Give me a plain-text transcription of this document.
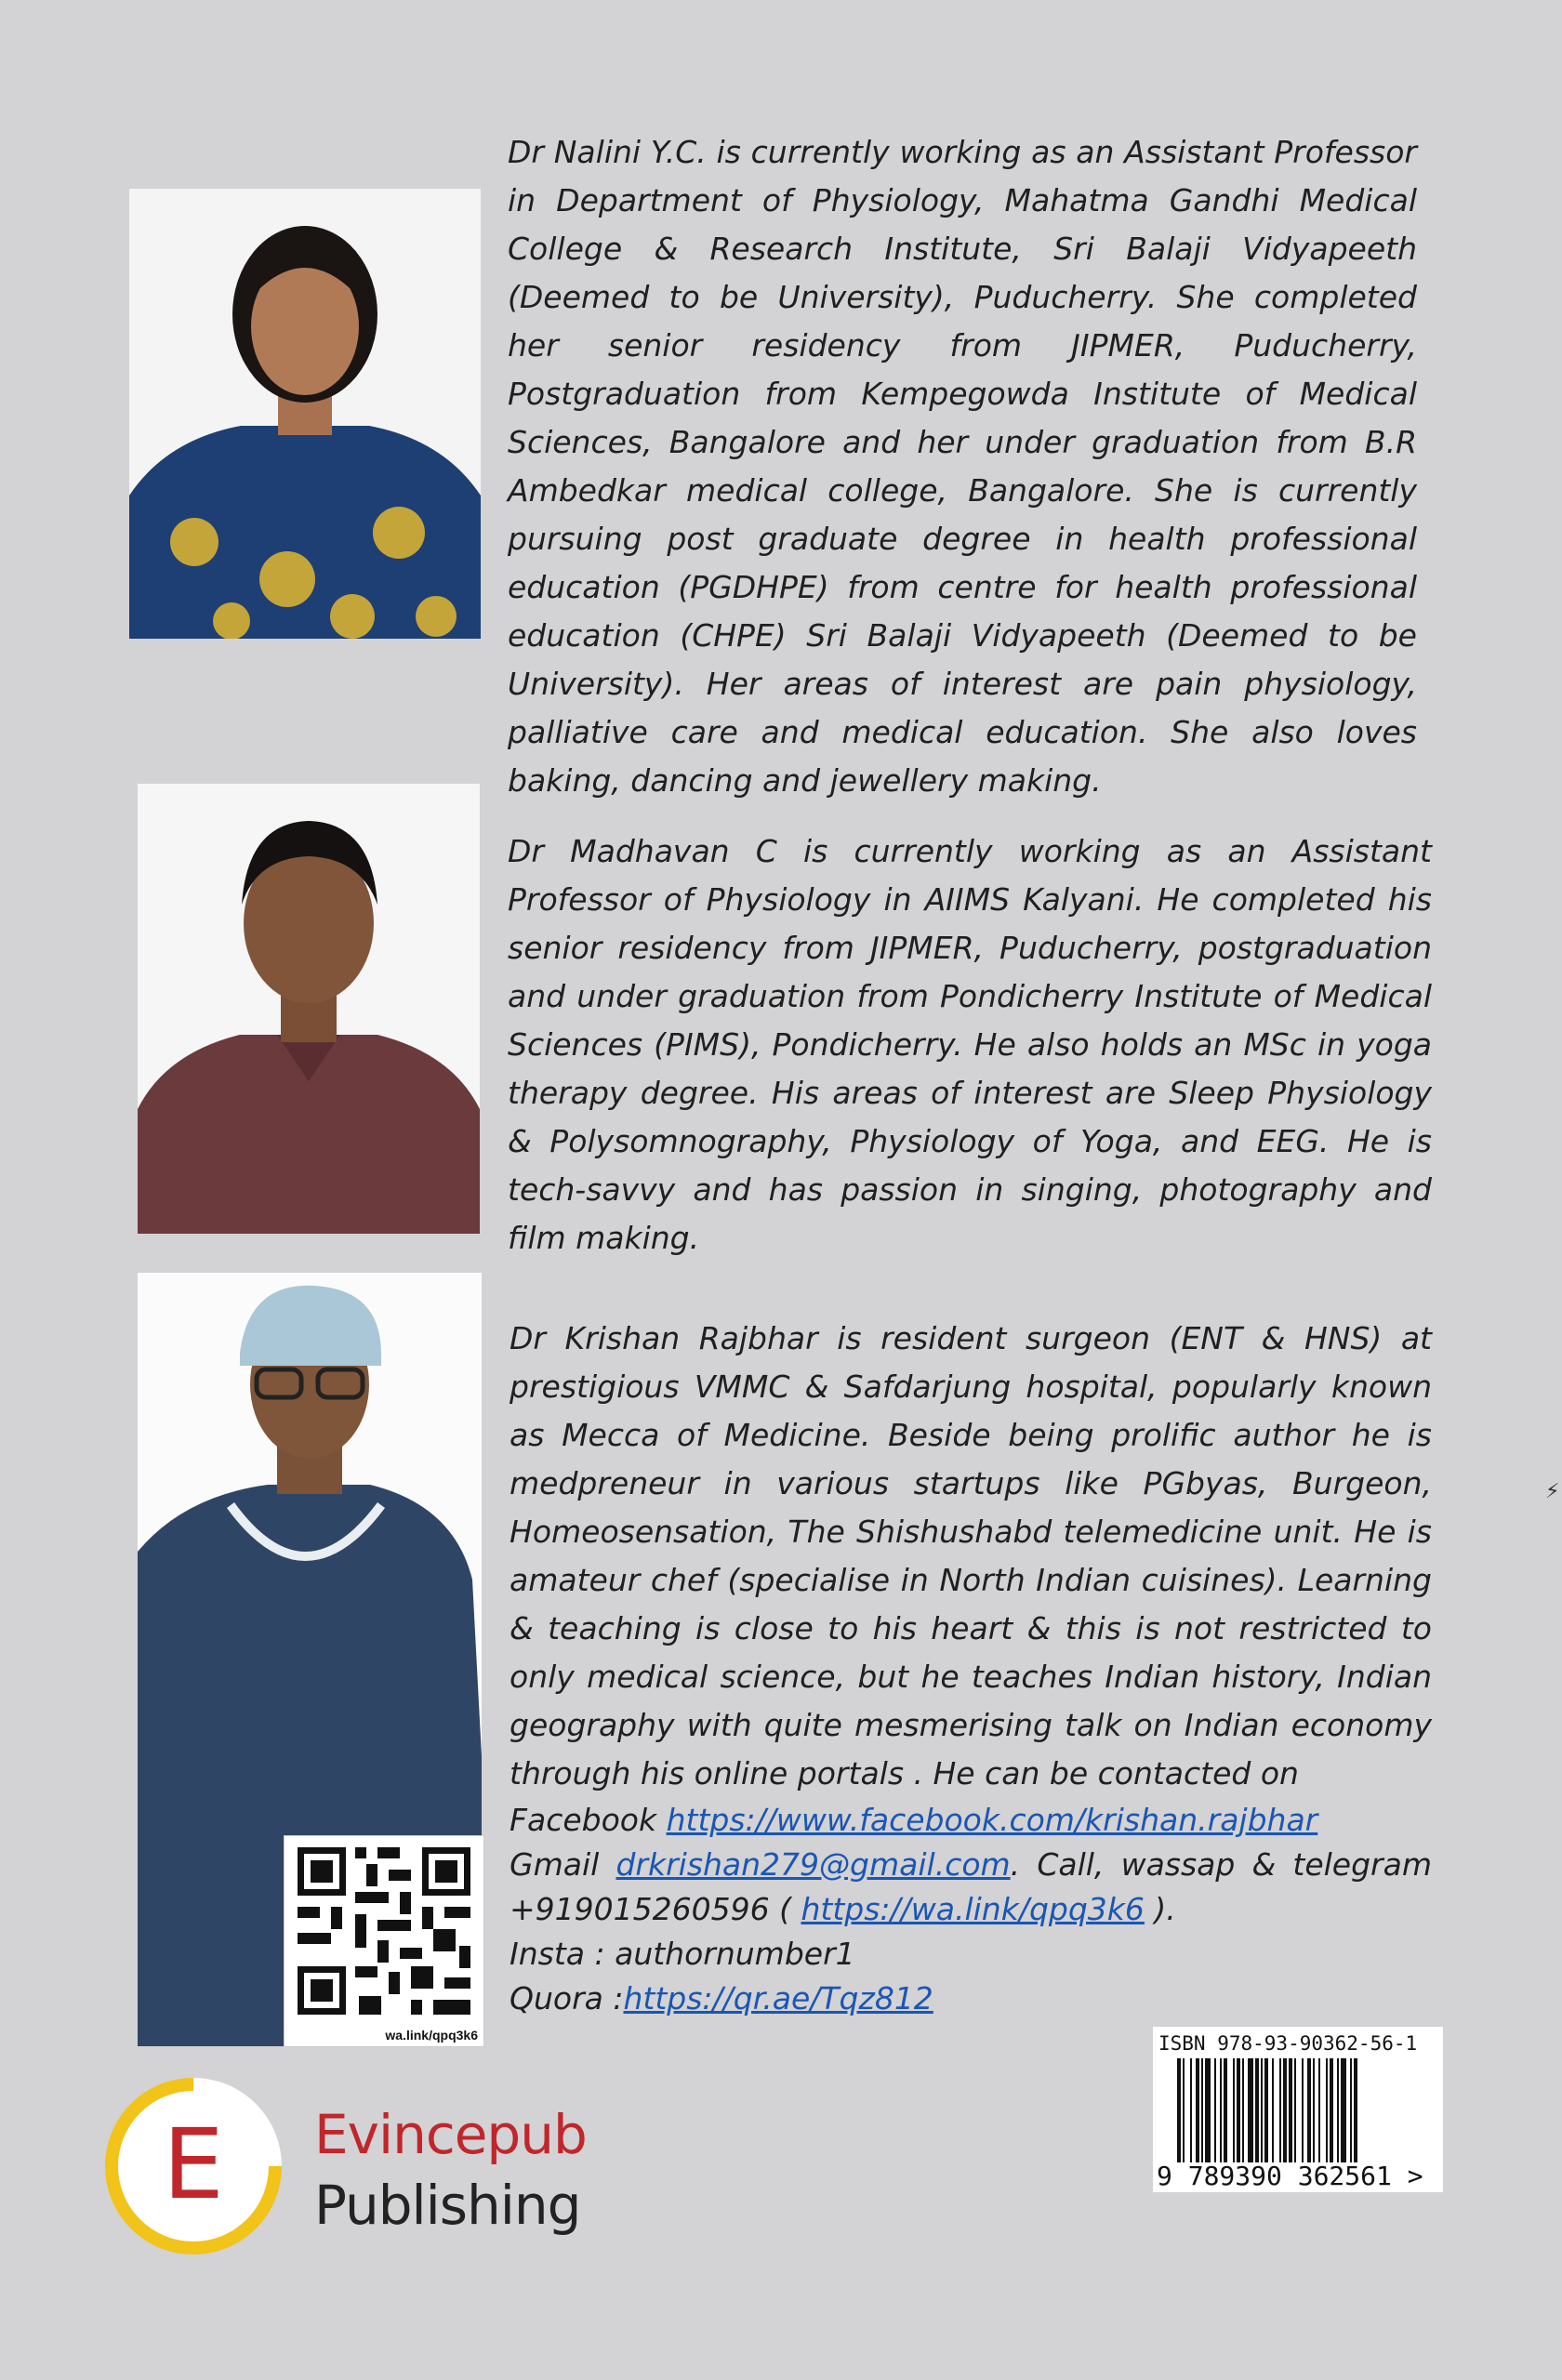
Dr Nalini Y.C. is currently working as an Assistant Professor in Department of Physiology, Mahatma Gandhi Medical College & Research Institute, Sri Balaji Vidyapeeth (Deemed to be University), Puducherry. She completed her senior residency from JIPMER, Puducherry, Postgraduation from Kempegowda Institute of Medical Sciences, Bangalore and her under graduation from B.R Ambedkar medical college, Bangalore. She is currently pursuing post graduate degree in health professional education (PGDHPE) from centre for health professional education (CHPE) Sri Balaji Vidyapeeth (Deemed to be University). Her areas of interest are pain physiology, palliative care and medical education. She also loves baking, dancing and jewellery making.

Dr Madhavan C is currently working as an Assistant Professor of Physiology in AIIMS Kalyani. He completed his senior residency from JIPMER, Puducherry, postgraduation and under graduation from Pondicherry Institute of Medical Sciences (PIMS), Pondicherry. He also holds an MSc in yoga therapy degree. His areas of interest are Sleep Physiology & Polysomnography, Physiology of Yoga, and EEG. He is tech-savvy and has passion in singing, photography and film making.

wa.link/qpq3k6

Dr Krishan Rajbhar is resident surgeon (ENT & HNS) at prestigious VMMC & Safdarjung hospital, popularly known as Mecca of Medicine. Beside being prolific author he is medpreneur in various startups like PGbyas, Burgeon, Homeosensation, The Shishushabd telemedicine unit. He is amateur chef (specialise in North Indian cuisines). Learning & teaching is close to his heart & this is not restricted to only medical science, but he teaches Indian history, Indian geography with quite mesmerising talk on Indian economy through his online portals . He can be contacted on

Facebook https://www.facebook.com/krishan.rajbhar
Gmail drkrishan279@gmail.com. Call, wassap & telegram
+919015260596 ( https://wa.link/qpq3k6 ).
Insta : authornumber1
Quora :https://qr.ae/Tqz812
⚡
E Evincepub
Publishing
ISBN 978-93-90362-56-1
9 789390 362561 >
